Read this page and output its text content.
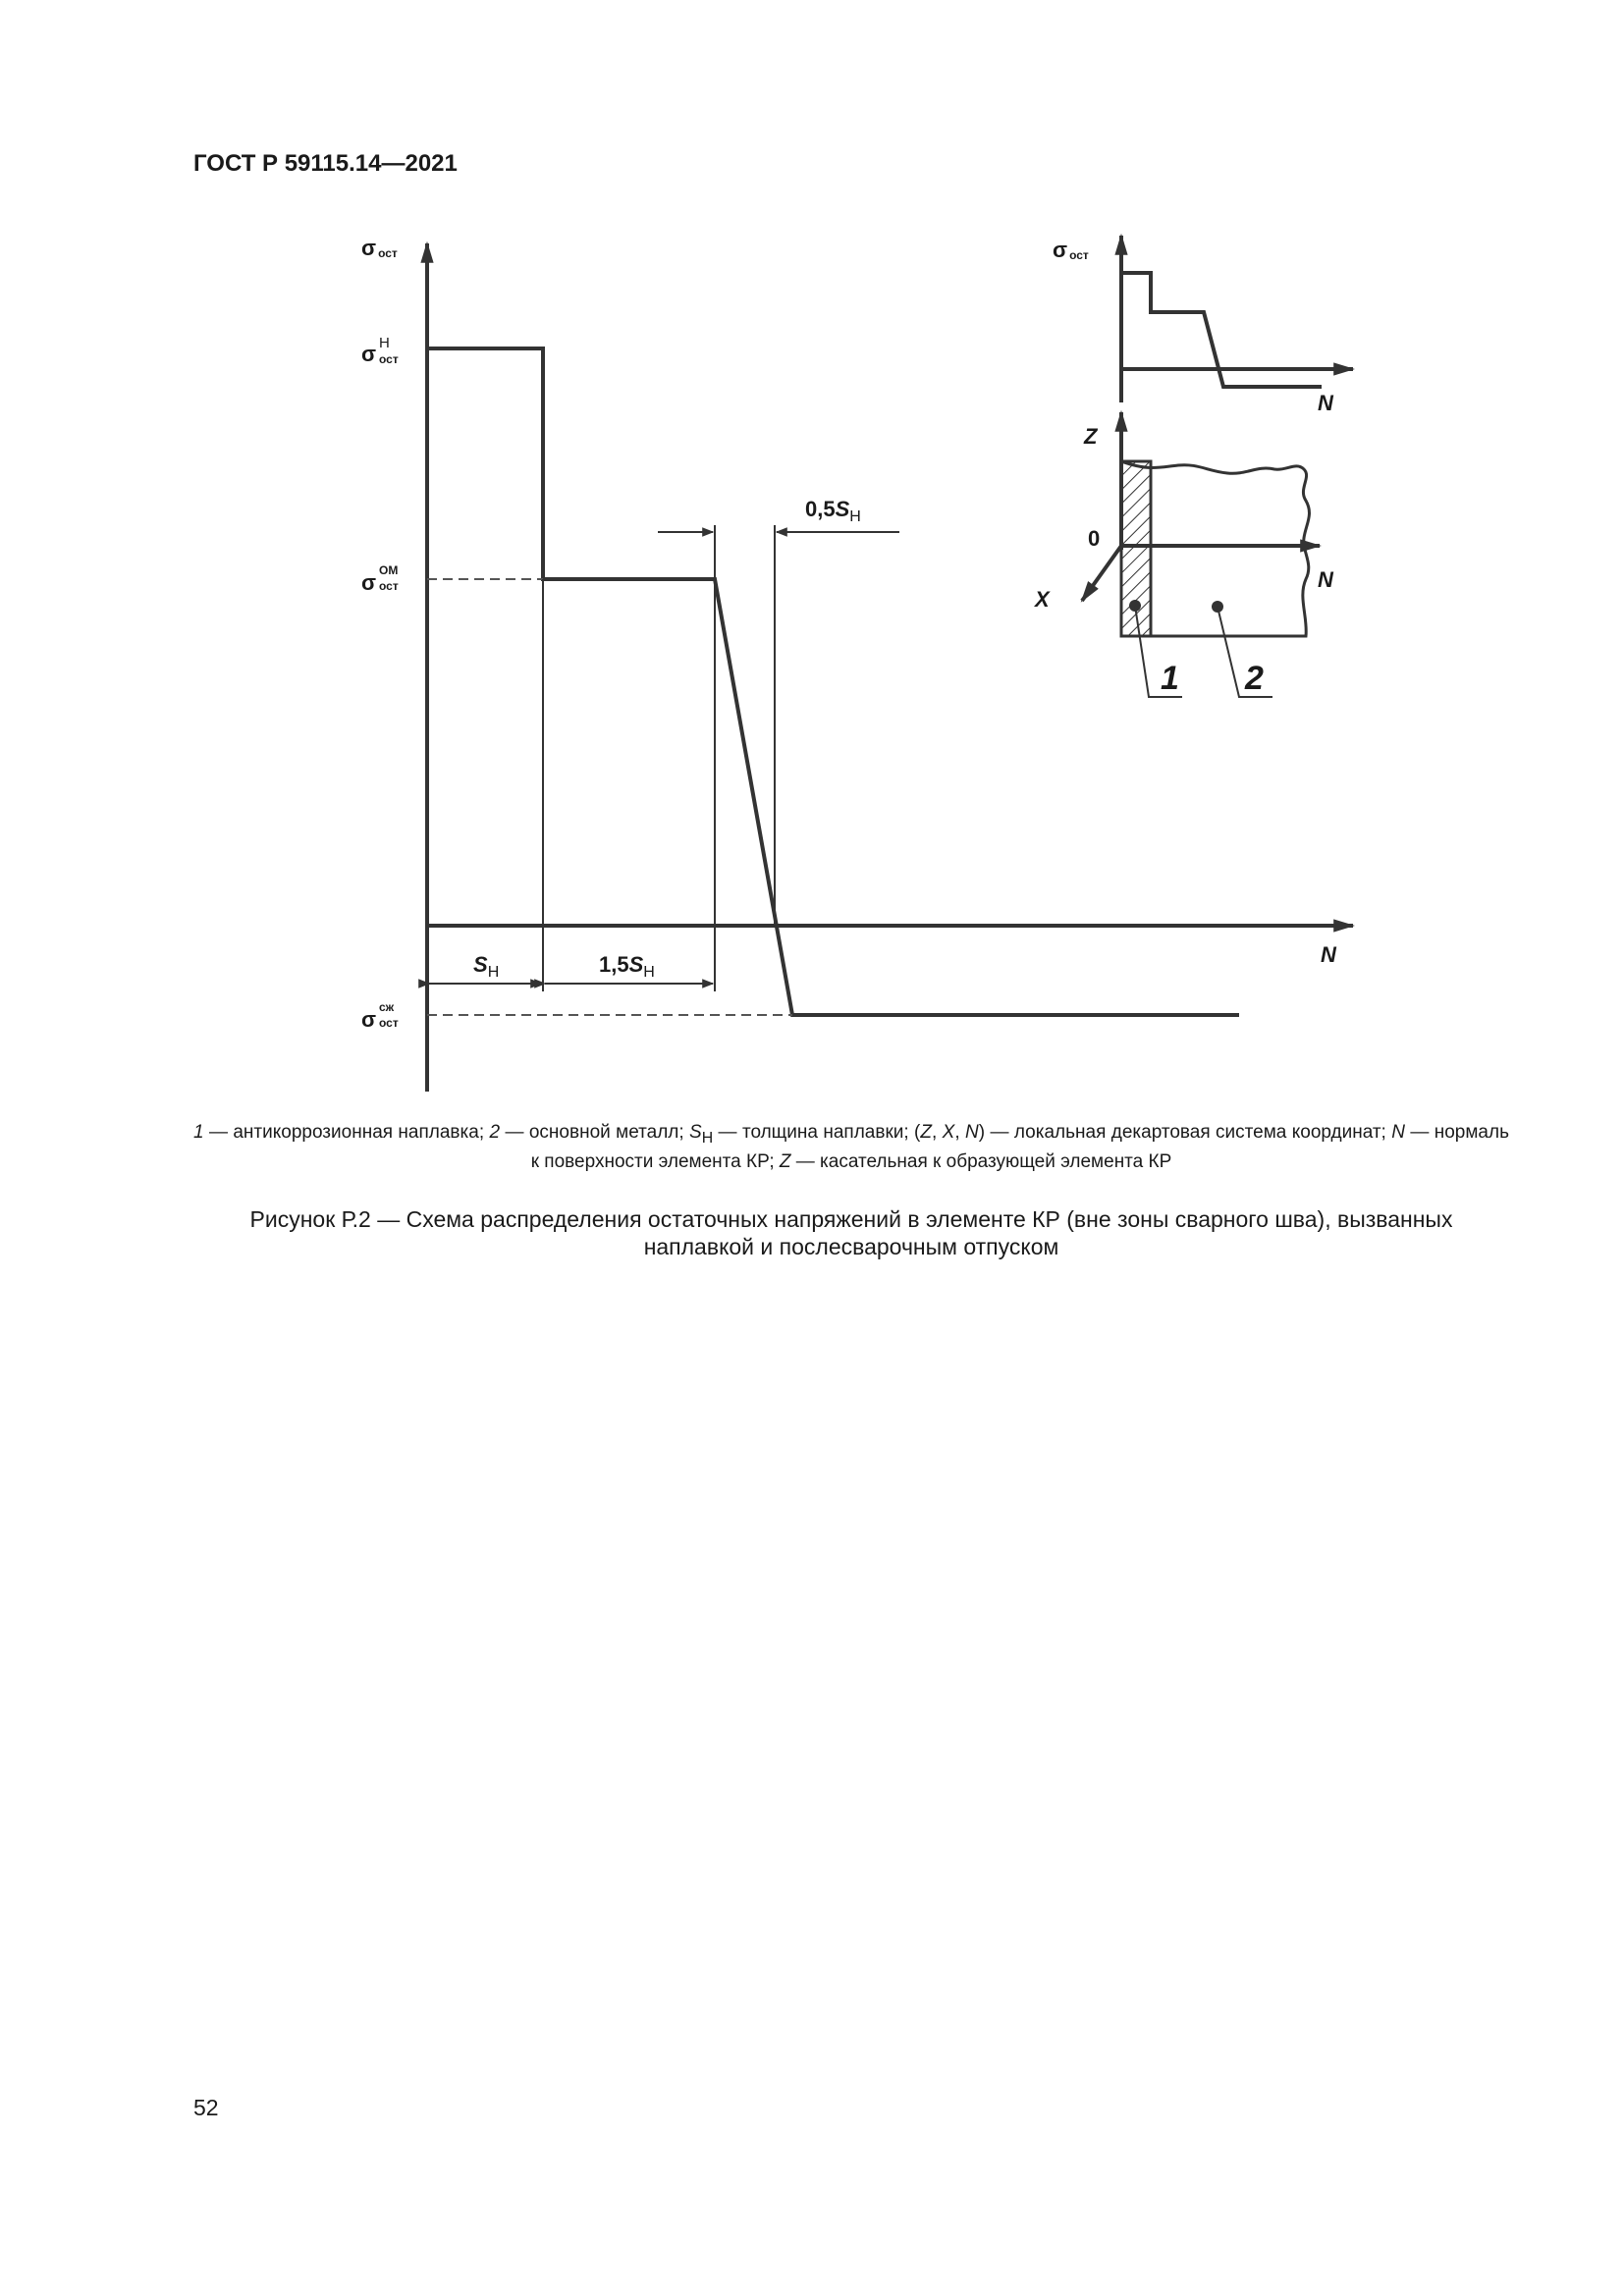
ГОСТ Р 59115.14—2021
σост
σ Н
ост
σ ОМ
ост
σ сж
ост
N
$S_Н$	$1,5S_Н$
$0,5S_Н$
σост
N
Z
0
N
X
1 2
1 — антикоррозионная наплавка; 2 — основной металл; $S_Н$ — толщина наплавки; (Z, X, N) — локальная декартовая система координат; N — нормаль к поверхности элемента КР; Z — касательная к образующей элемента КР
Рисунок Р.2 — Схема распределения остаточных напряжений в элементе КР (вне зоны сварного шва), вызванных наплавкой и послесварочным отпуском
52
